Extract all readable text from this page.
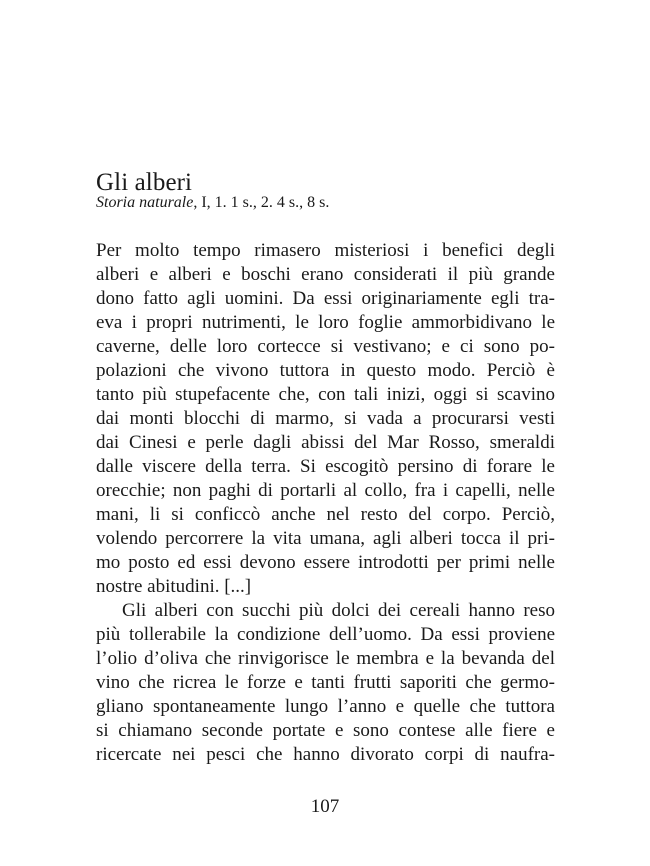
Gli alberi

Storia naturale, I, 1. 1 s., 2. 4 s., 8 s.

Per molto tempo rimasero misteriosi i benefici degli
alberi e alberi e boschi erano considerati il più grande
dono fatto agli uomini. Da essi originariamente egli tra-
eva i propri nutrimenti, le loro foglie ammorbidivano le
caverne, delle loro cortecce si vestivano; e ci sono po-
polazioni che vivono tuttora in questo modo. Perciò è
tanto più stupefacente che, con tali inizi, oggi si scavino
dai monti blocchi di marmo, si vada a procurarsi vesti
dai Cinesi e perle dagli abissi del Mar Rosso, smeraldi
dalle viscere della terra. Si escogitò persino di forare le
orecchie; non paghi di portarli al collo, fra i capelli, nelle
mani, li si conficcò anche nel resto del corpo. Perciò,
volendo percorrere la vita umana, agli alberi tocca il pri-
mo posto ed essi devono essere introdotti per primi nelle
nostre abitudini. [...]
Gli alberi con succhi più dolci dei cereali hanno reso
più tollerabile la condizione dell’uomo. Da essi proviene
l’olio d’oliva che rinvigorisce le membra e la bevanda del
vino che ricrea le forze e tanti frutti saporiti che germo-
gliano spontaneamente lungo l’anno e quelle che tuttora
si chiamano seconde portate e sono contese alle fiere e
ricercate nei pesci che hanno divorato corpi di naufra-
107
